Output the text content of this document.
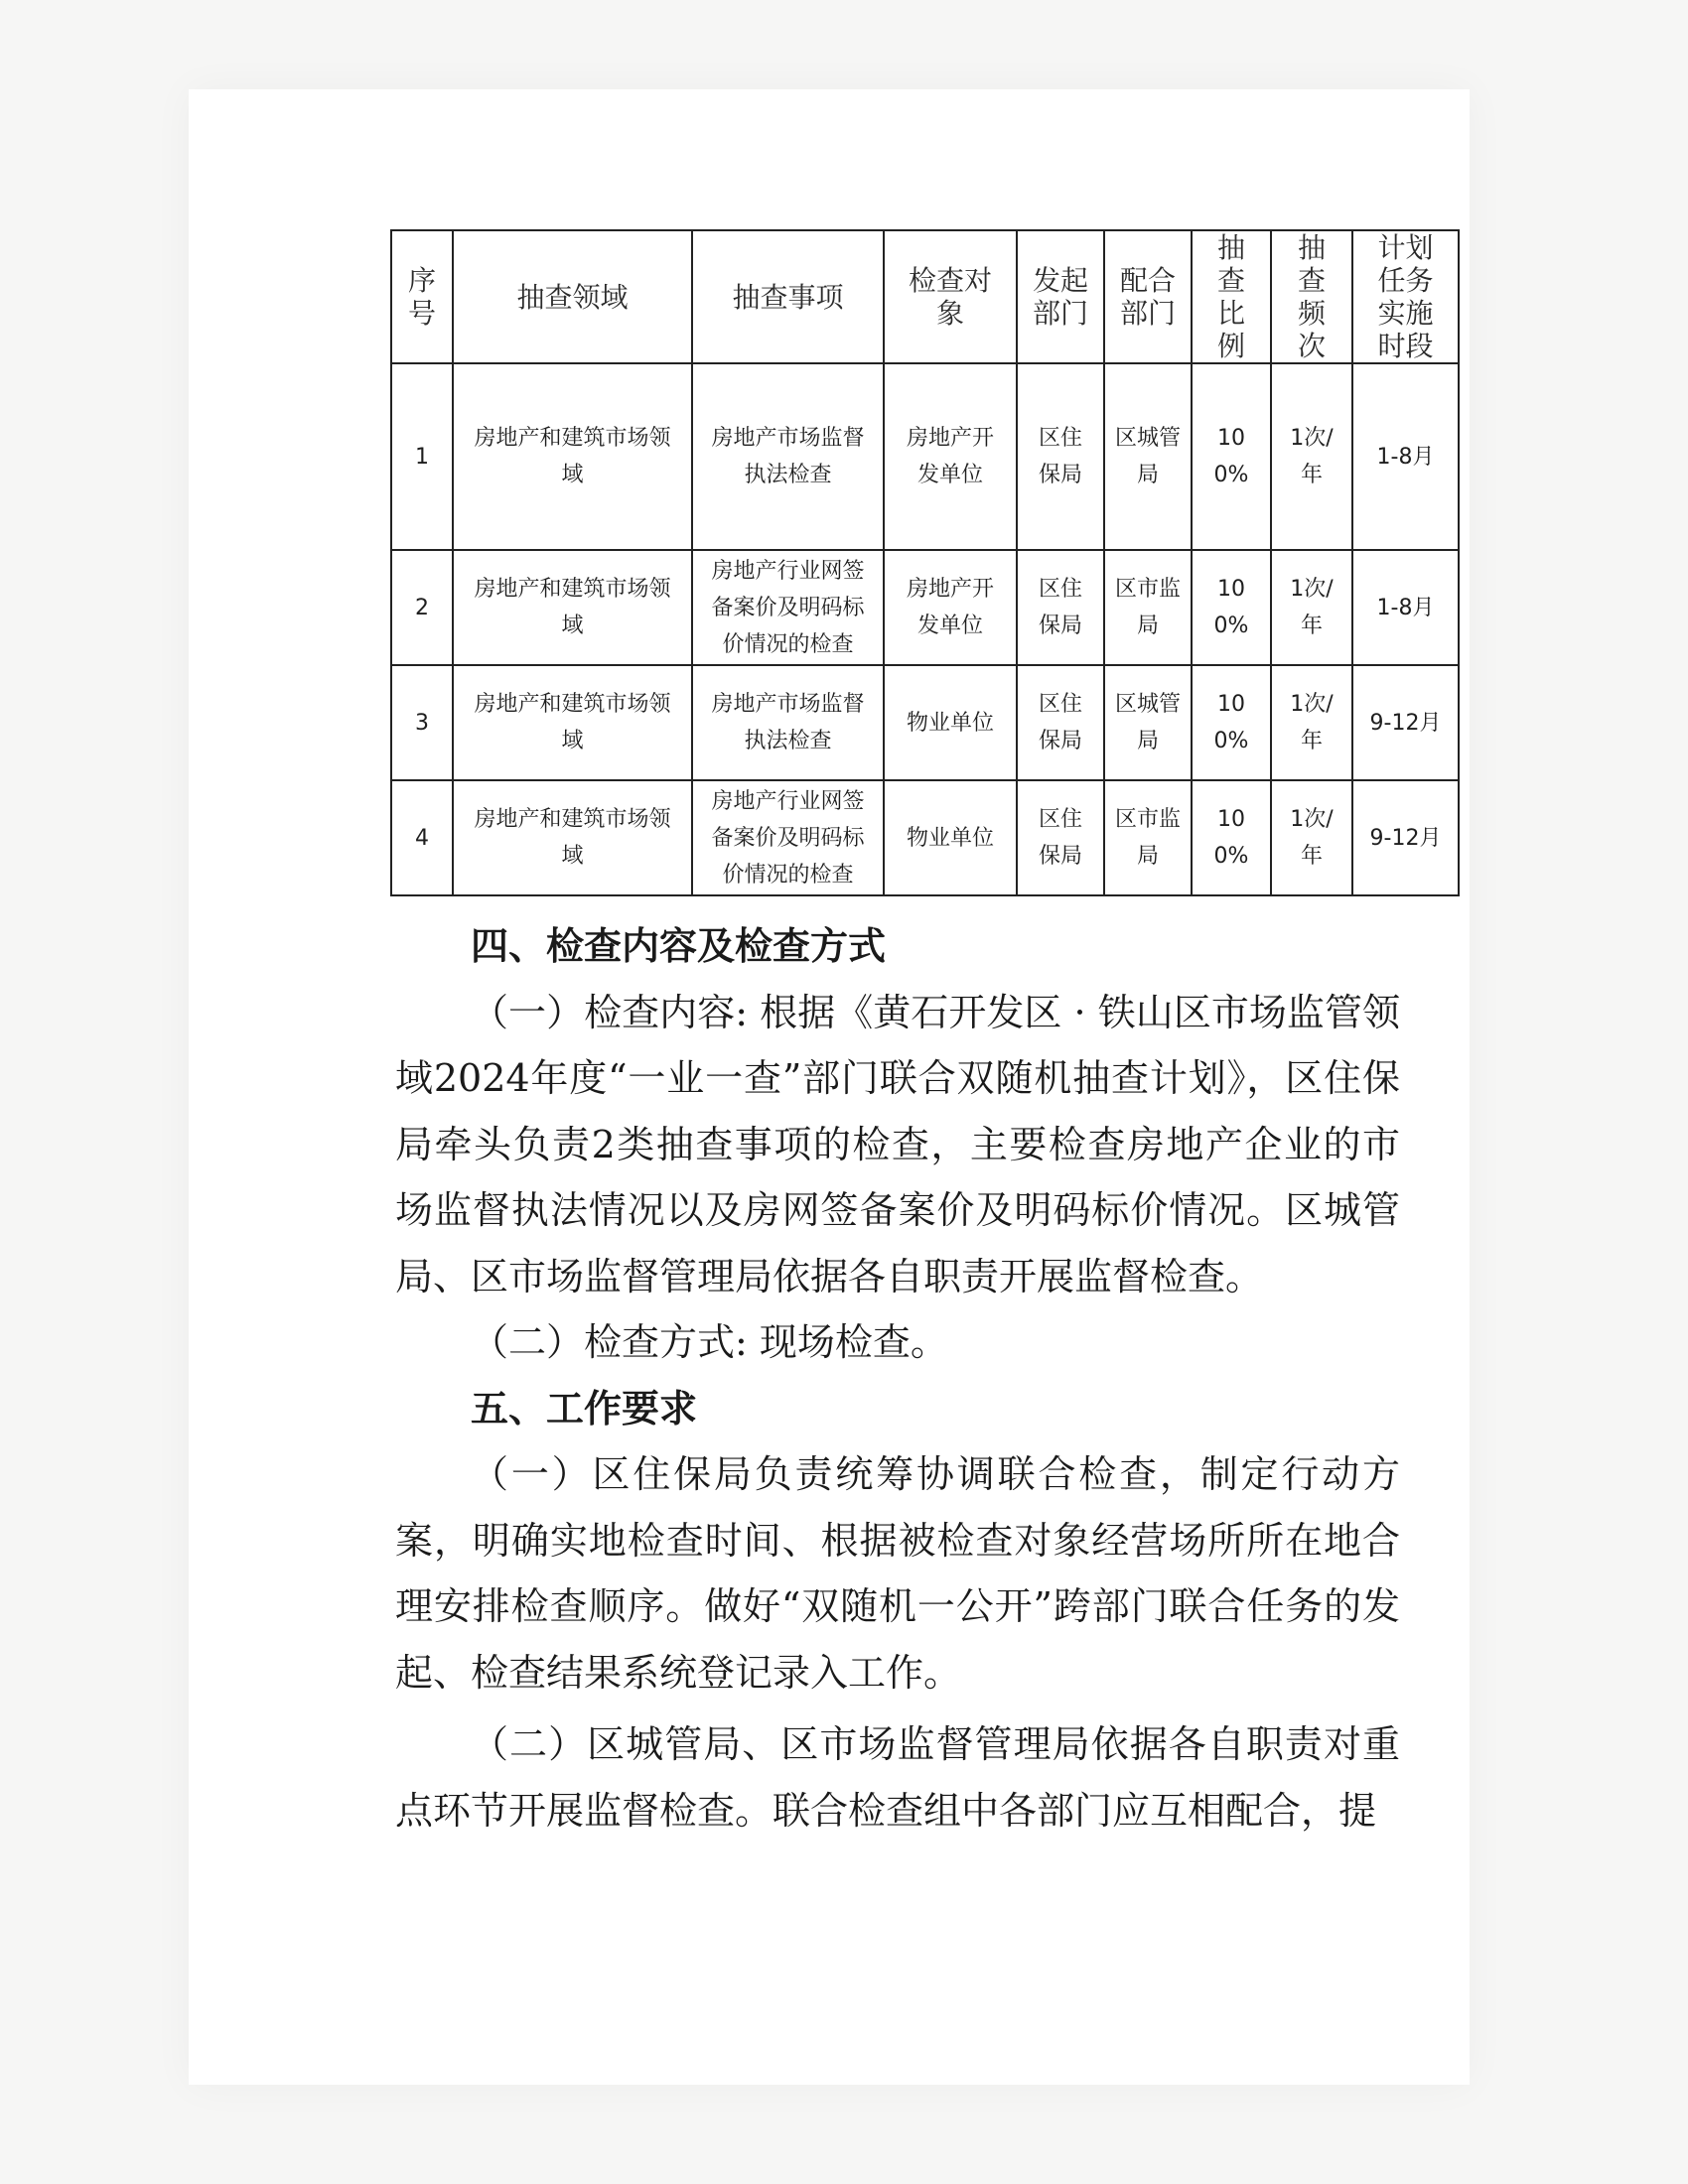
序号	抽查领域	抽查事项	检查对象	发起部门	配合部门	抽查比例	抽查频次	计划任务实施时段

1	房地产和建筑市场领域	房地产市场监督执法检查	房地产开发单位	区住保局	区城管局	100%	1次/年	1-8月
2	房地产和建筑市场领域	房地产行业网签备案价及明码标价情况的检查	房地产开发单位	区住保局	区市监局	100%	1次/年	1-8月
3	房地产和建筑市场领域	房地产市场监督执法检查	物业单位	区住保局	区城管局	100%	1次/年	9-12月
4	房地产和建筑市场领域	房地产行业网签备案价及明码标价情况的检查	物业单位	区住保局	区市监局	100%	1次/年	9-12月
四、检查内容及检查方式

（一）检查内容: 根据《黄石开发区 · 铁山区市场监管领域2024年度“一业一查”部门联合双随机抽查计划》，区住保局牵头负责2类抽查事项的检查，主要检查房地产企业的市场监督执法情况以及房网签备案价及明码标价情况。区城管局、区市场监督管理局依据各自职责开展监督检查。

（二）检查方式: 现场检查。

五、工作要求

（一）区住保局负责统筹协调联合检查，制定行动方案，明确实地检查时间、根据被检查对象经营场所所在地合理安排检查顺序。做好“双随机一公开”跨部门联合任务的发起、检查结果系统登记录入工作。

（二）区城管局、区市场监督管理局依据各自职责对重点环节开展监督检查。联合检查组中各部门应互相配合，提
